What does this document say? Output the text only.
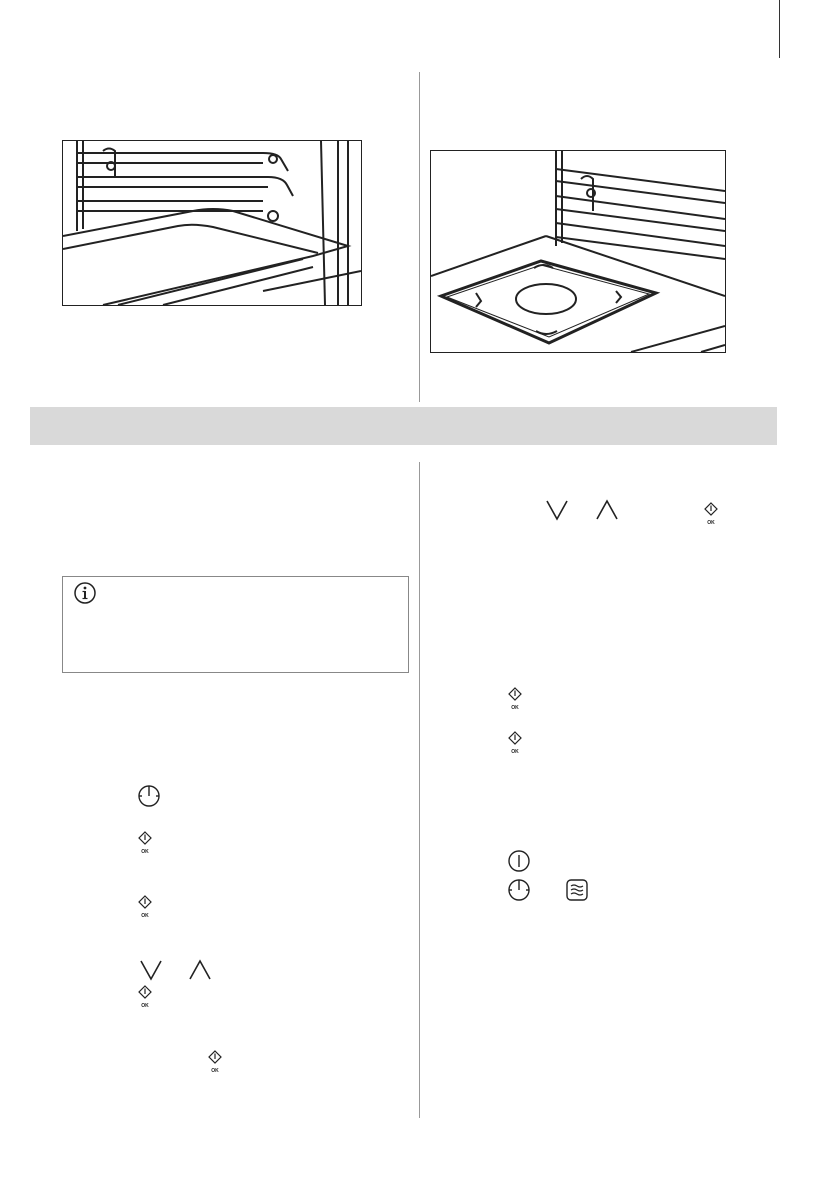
OK
OK
OK
OK
OK
OK
OK
